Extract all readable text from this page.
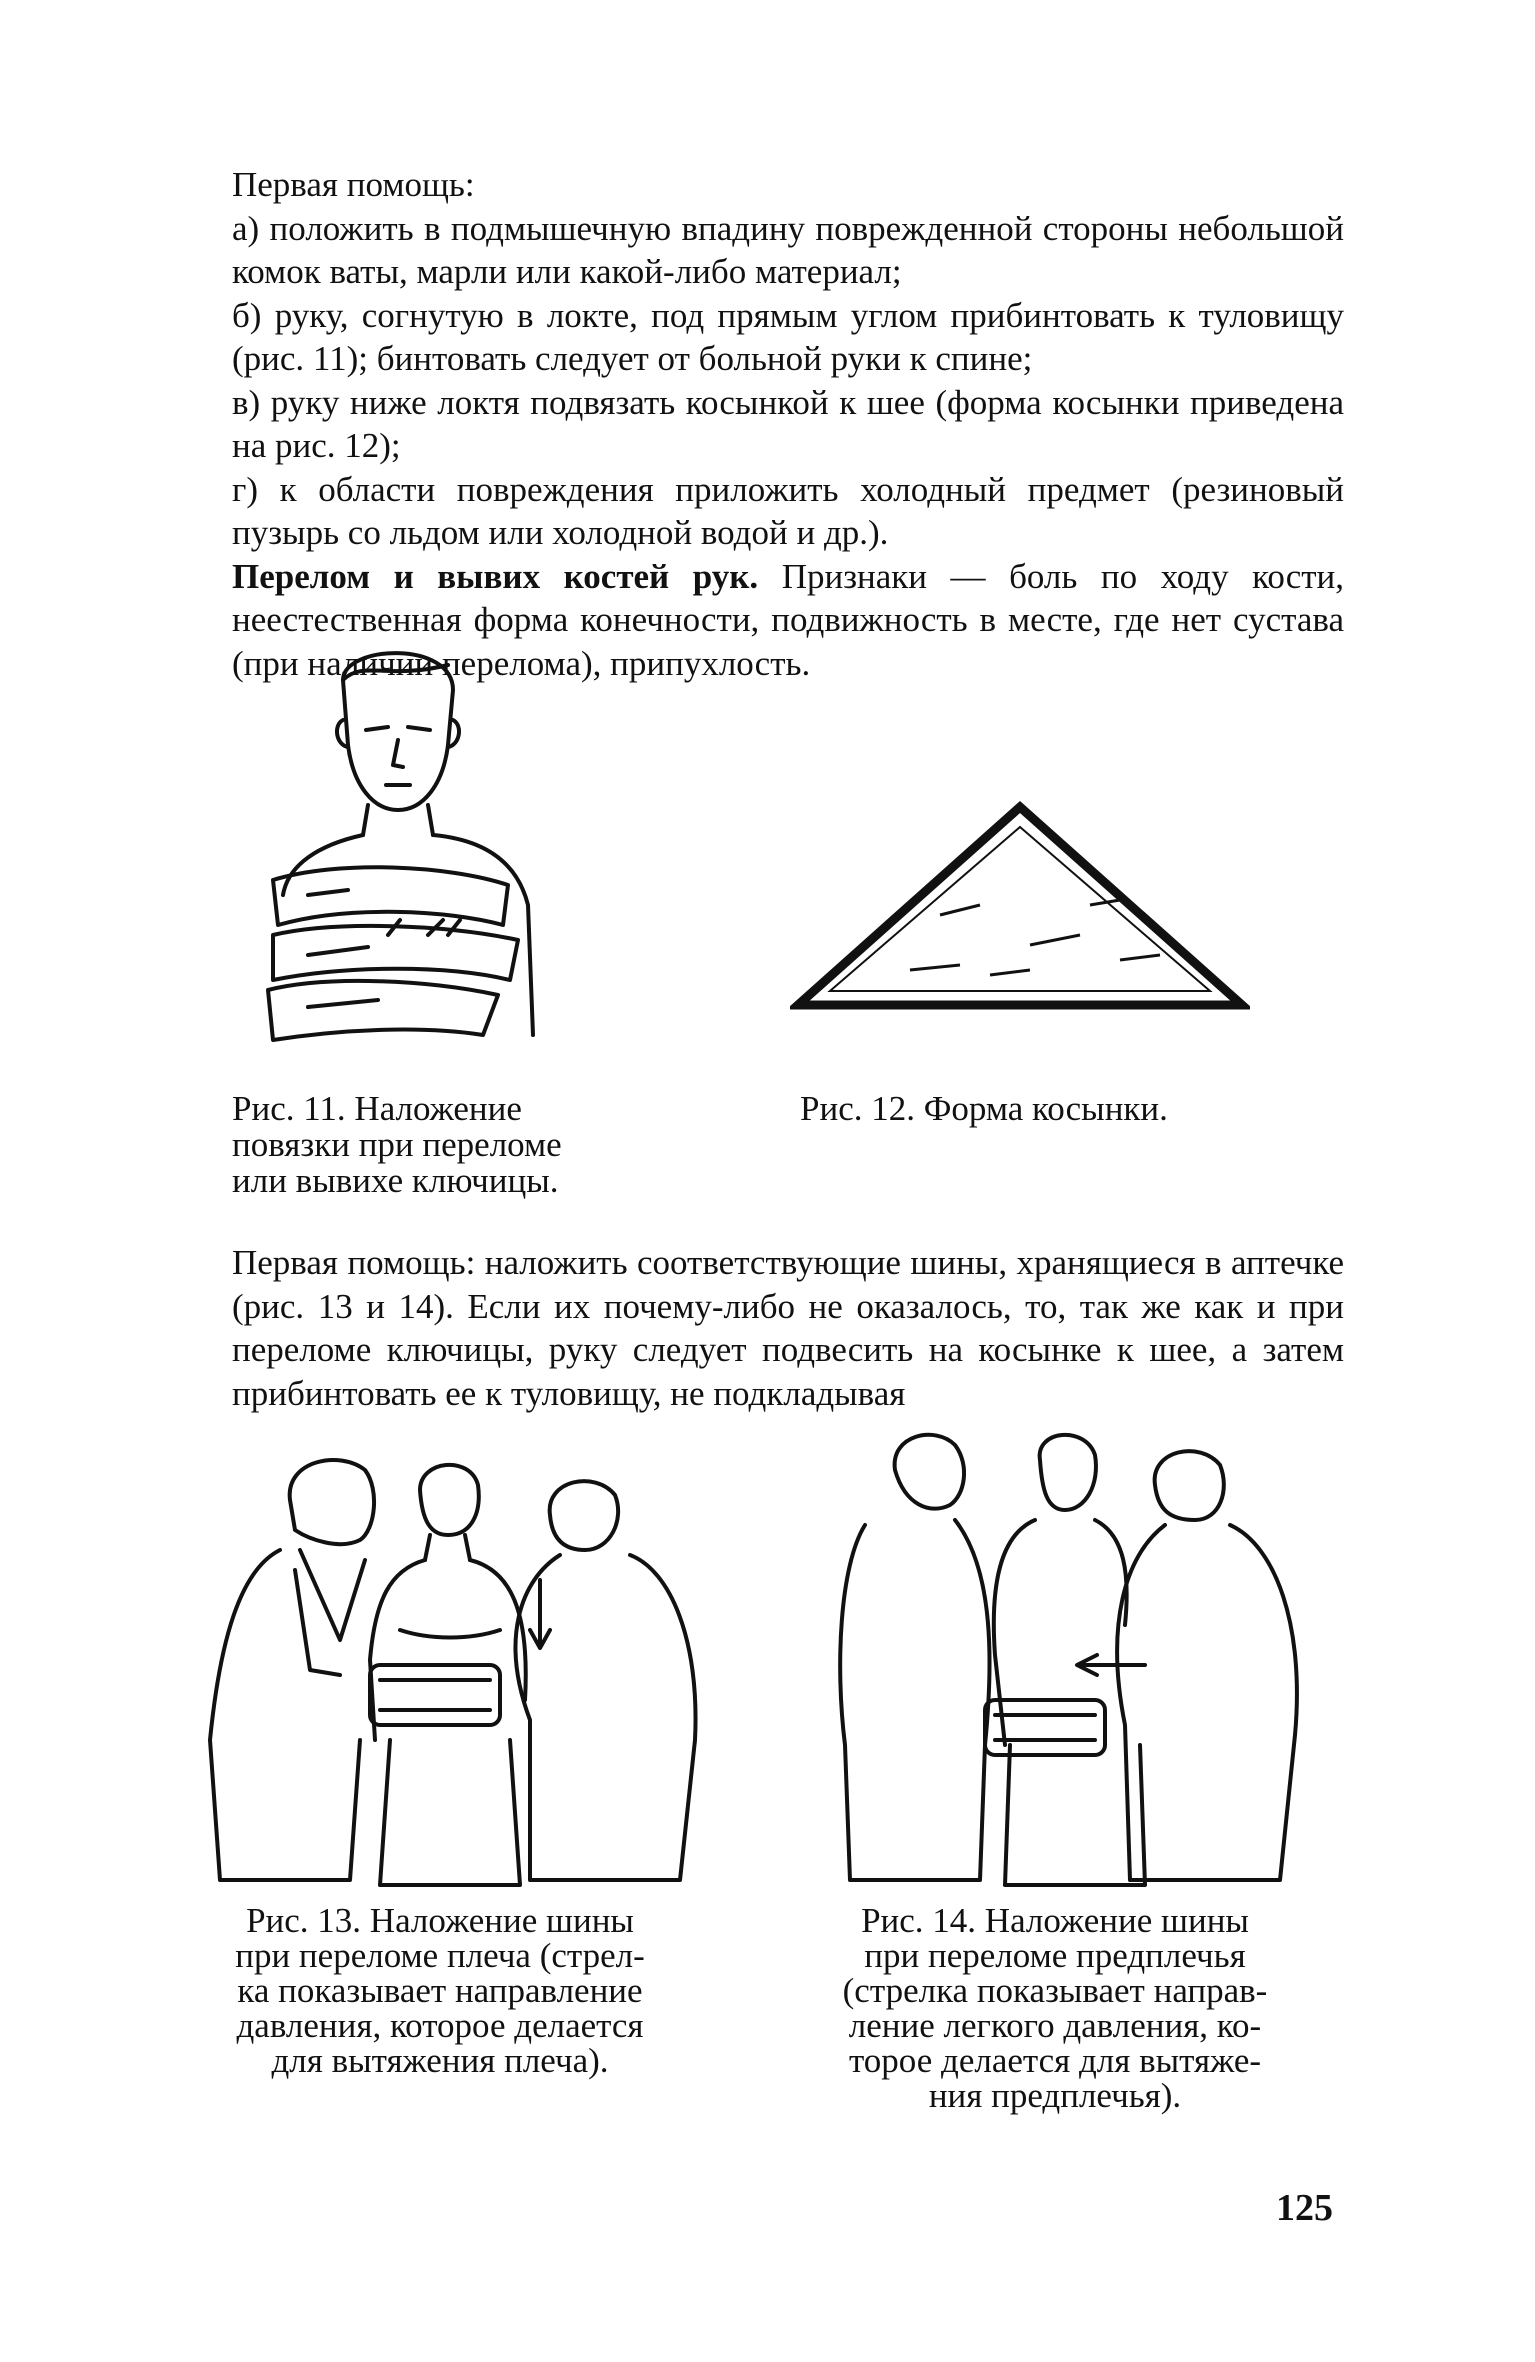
Первая помощь:

а) положить в подмышечную впадину поврежденной стороны небольшой комок ваты, марли или какой-либо материал;

б) руку, согнутую в локте, под прямым углом прибинтовать к туловищу (рис. 11); бинтовать следует от больной руки к спине;

в) руку ниже локтя подвязать косынкой к шее (форма косынки приведена на рис. 12);

г) к области повреждения приложить холодный предмет (резиновый пузырь со льдом или холодной водой и др.).

Перелом и вывих костей рук. Признаки — боль по ходу кости, неестественная форма конечности, подвижность в месте, где нет сустава (при наличии перелома), припухлость.

Рис. 11. Наложение
повязки при переломе
или вывихе ключицы.
Рис. 12. Форма косынки.

Первая помощь: наложить соответствующие шины, хранящиеся в аптечке (рис. 13 и 14). Если их почему-либо не оказалось, то, так же как и при переломе ключицы, руку следует подвесить на косынке к шее, а затем прибинтовать ее к туловищу, не подкладывая

Рис. 13. Наложение шины
при переломе плеча (стрел-
ка показывает направление
давления, которое делается
для вытяжения плеча).
Рис. 14. Наложение шины
при переломе предплечья
(стрелка показывает направ-
ление легкого давления, ко-
торое делается для вытяже-
ния предплечья).
125
